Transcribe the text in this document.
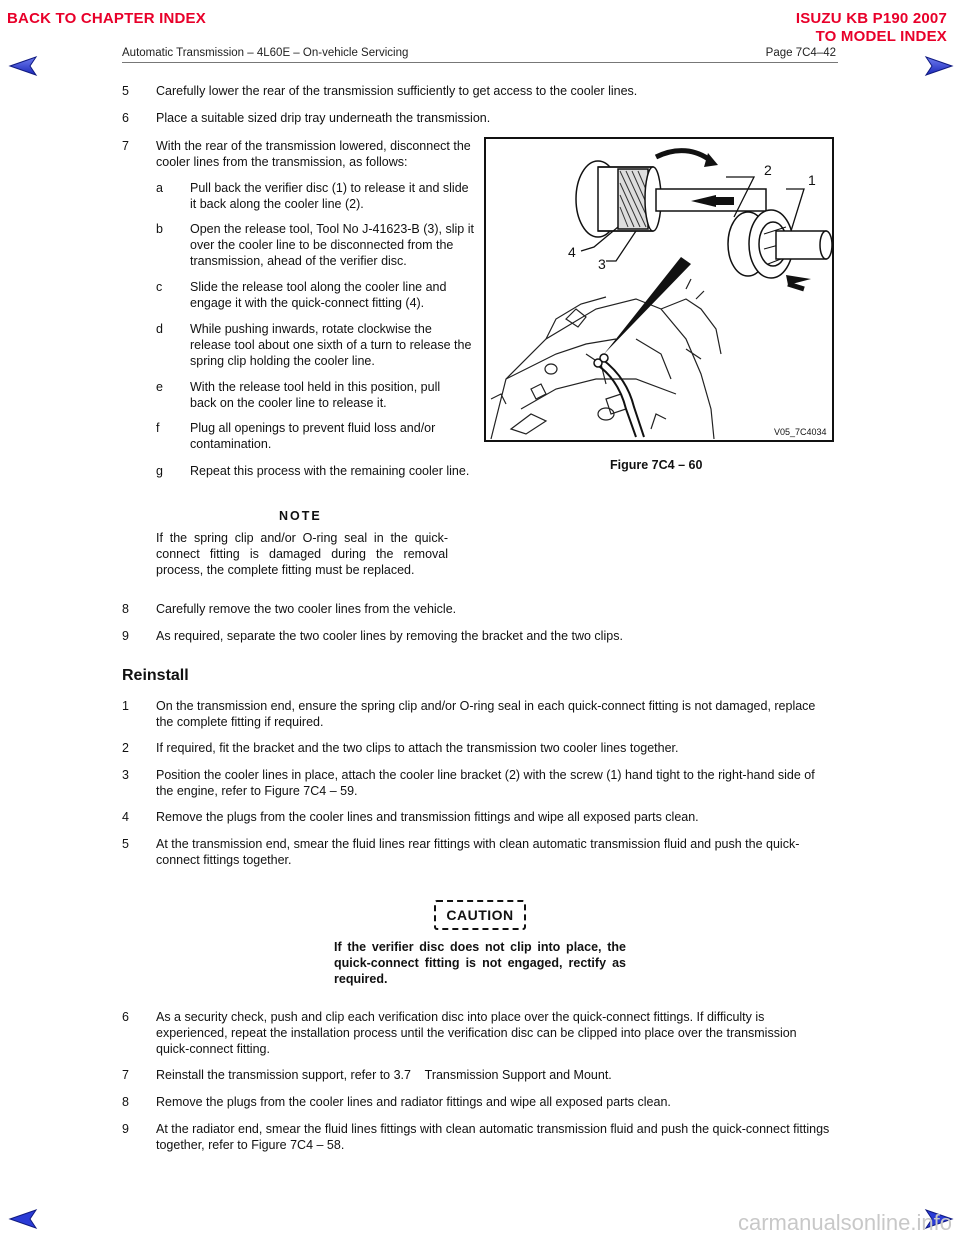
BACK TO CHAPTER INDEX	ISUZU KB P190 2007
TO MODEL INDEX
Automatic Transmission – 4L60E – On-vehicle Servicing	Page 7C4–42
5 Carefully lower the rear of the transmission sufficiently to get access to the cooler lines.
6 Place a suitable sized drip tray underneath the transmission.
7 With the rear of the transmission lowered, disconnect the cooler lines from the transmission, as follows:
a Pull back the verifier disc (1) to release it and slide it back along the cooler line (2).
b Open the release tool, Tool No J-41623-B (3), slip it over the cooler line to be disconnected from the transmission, ahead of the verifier disc.
c Slide the release tool along the cooler line and engage it with the quick-connect fitting (4).
d While pushing inwards, rotate clockwise the release tool about one sixth of a turn to release the spring clip holding the cooler line.
e With the release tool held in this position, pull back on the cooler line to release it.
f Plug all openings to prevent fluid loss and/or contamination.
g Repeat this process with the remaining cooler line.
NOTE
If the spring clip and/or O-ring seal in the quick-connect fitting is damaged during the removal process, the complete fitting must be replaced.
2
1
3
4
V05_7C4034
Figure 7C4 – 60
8 Carefully remove the two cooler lines from the vehicle.
9 As required, separate the two cooler lines by removing the bracket and the two clips.
Reinstall
1 On the transmission end, ensure the spring clip and/or O-ring seal in each quick-connect fitting is not damaged, replace the complete fitting if required.
2 If required, fit the bracket and the two clips to attach the transmission two cooler lines together.
3 Position the cooler lines in place, attach the cooler line bracket (2) with the screw (1) hand tight to the right-hand side of the engine, refer to Figure 7C4 – 59.
4 Remove the plugs from the cooler lines and transmission fittings and wipe all exposed parts clean.
5 At the transmission end, smear the fluid lines rear fittings with clean automatic transmission fluid and push the quick-connect fittings together.
CAUTION
If the verifier disc does not clip into place, the quick-connect fitting is not engaged, rectify as required.
6 As a security check, push and clip each verification disc into place over the quick-connect fittings. If difficulty is experienced, repeat the installation process until the verification disc can be clipped into place over the transmission quick-connect fitting.
7 Reinstall the transmission support, refer to 3.7    Transmission Support and Mount.
8 Remove the plugs from the cooler lines and radiator fittings and wipe all exposed parts clean.
9 At the radiator end, smear the fluid lines fittings with clean automatic transmission fluid and push the quick-connect fittings together, refer to Figure 7C4 – 58.
carmanualsonline.info
